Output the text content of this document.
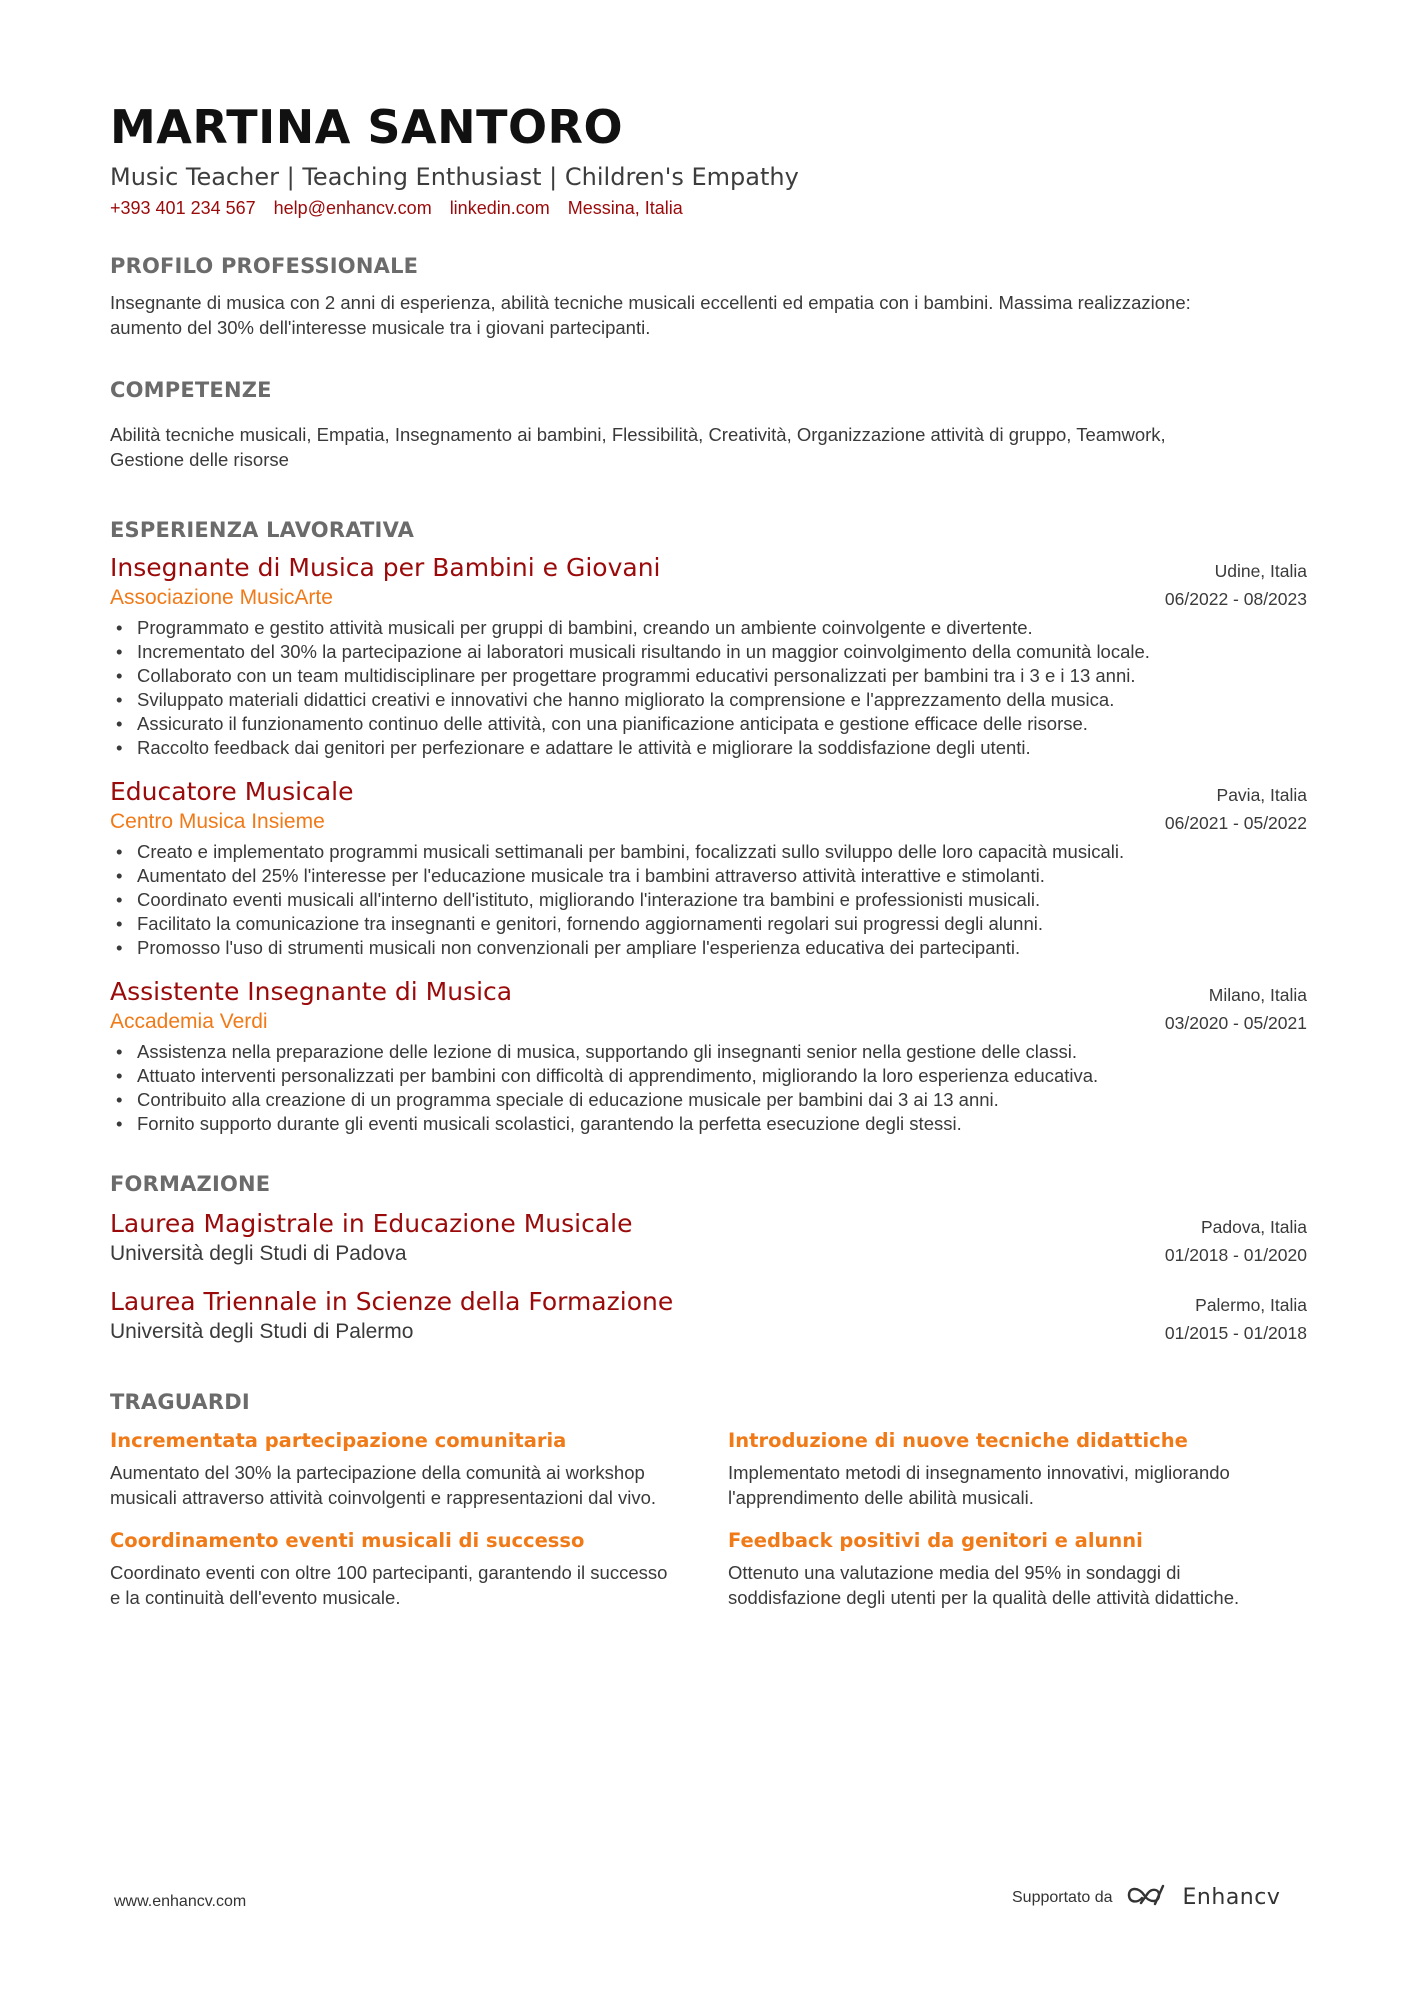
MARTINA SANTORO
Music Teacher | Teaching Enthusiast | Children's Empathy
+393 401 234 567 help@enhancv.com linkedin.com Messina, Italia
PROFILO PROFESSIONALE
Insegnante di musica con 2 anni di esperienza, abilità tecniche musicali eccellenti ed empatia con i bambini. Massima realizzazione: aumento del 30% dell'interesse musicale tra i giovani partecipanti.
COMPETENZE
Abilità tecniche musicali, Empatia, Insegnamento ai bambini, Flessibilità, Creatività, Organizzazione attività di gruppo, Teamwork, Gestione delle risorse
ESPERIENZA LAVORATIVA
Insegnante di Musica per Bambini e Giovani	Udine, Italia
Associazione MusicArte	06/2022 - 08/2023
• Programmato e gestito attività musicali per gruppi di bambini, creando un ambiente coinvolgente e divertente.
• Incrementato del 30% la partecipazione ai laboratori musicali risultando in un maggior coinvolgimento della comunità locale.
• Collaborato con un team multidisciplinare per progettare programmi educativi personalizzati per bambini tra i 3 e i 13 anni.
• Sviluppato materiali didattici creativi e innovativi che hanno migliorato la comprensione e l'apprezzamento della musica.
• Assicurato il funzionamento continuo delle attività, con una pianificazione anticipata e gestione efficace delle risorse.
• Raccolto feedback dai genitori per perfezionare e adattare le attività e migliorare la soddisfazione degli utenti.
Educatore Musicale	Pavia, Italia
Centro Musica Insieme	06/2021 - 05/2022
• Creato e implementato programmi musicali settimanali per bambini, focalizzati sullo sviluppo delle loro capacità musicali.
• Aumentato del 25% l'interesse per l'educazione musicale tra i bambini attraverso attività interattive e stimolanti.
• Coordinato eventi musicali all'interno dell'istituto, migliorando l'interazione tra bambini e professionisti musicali.
• Facilitato la comunicazione tra insegnanti e genitori, fornendo aggiornamenti regolari sui progressi degli alunni.
• Promosso l'uso di strumenti musicali non convenzionali per ampliare l'esperienza educativa dei partecipanti.
Assistente Insegnante di Musica	Milano, Italia
Accademia Verdi	03/2020 - 05/2021
• Assistenza nella preparazione delle lezione di musica, supportando gli insegnanti senior nella gestione delle classi.
• Attuato interventi personalizzati per bambini con difficoltà di apprendimento, migliorando la loro esperienza educativa.
• Contribuito alla creazione di un programma speciale di educazione musicale per bambini dai 3 ai 13 anni.
• Fornito supporto durante gli eventi musicali scolastici, garantendo la perfetta esecuzione degli stessi.
FORMAZIONE
Laurea Magistrale in Educazione Musicale	Padova, Italia
Università degli Studi di Padova	01/2018 - 01/2020
Laurea Triennale in Scienze della Formazione	Palermo, Italia
Università degli Studi di Palermo	01/2015 - 01/2018
TRAGUARDI
Incrementata partecipazione comunitaria
Aumentato del 30% la partecipazione della comunità ai workshop musicali attraverso attività coinvolgenti e rappresentazioni dal vivo.
Introduzione di nuove tecniche didattiche
Implementato metodi di insegnamento innovativi, migliorando l'apprendimento delle abilità musicali.
Coordinamento eventi musicali di successo
Coordinato eventi con oltre 100 partecipanti, garantendo il successo e la continuità dell'evento musicale.
Feedback positivi da genitori e alunni
Ottenuto una valutazione media del 95% in sondaggi di soddisfazione degli utenti per la qualità delle attività didattiche.
www.enhancv.com	Supportato da	Enhancv
